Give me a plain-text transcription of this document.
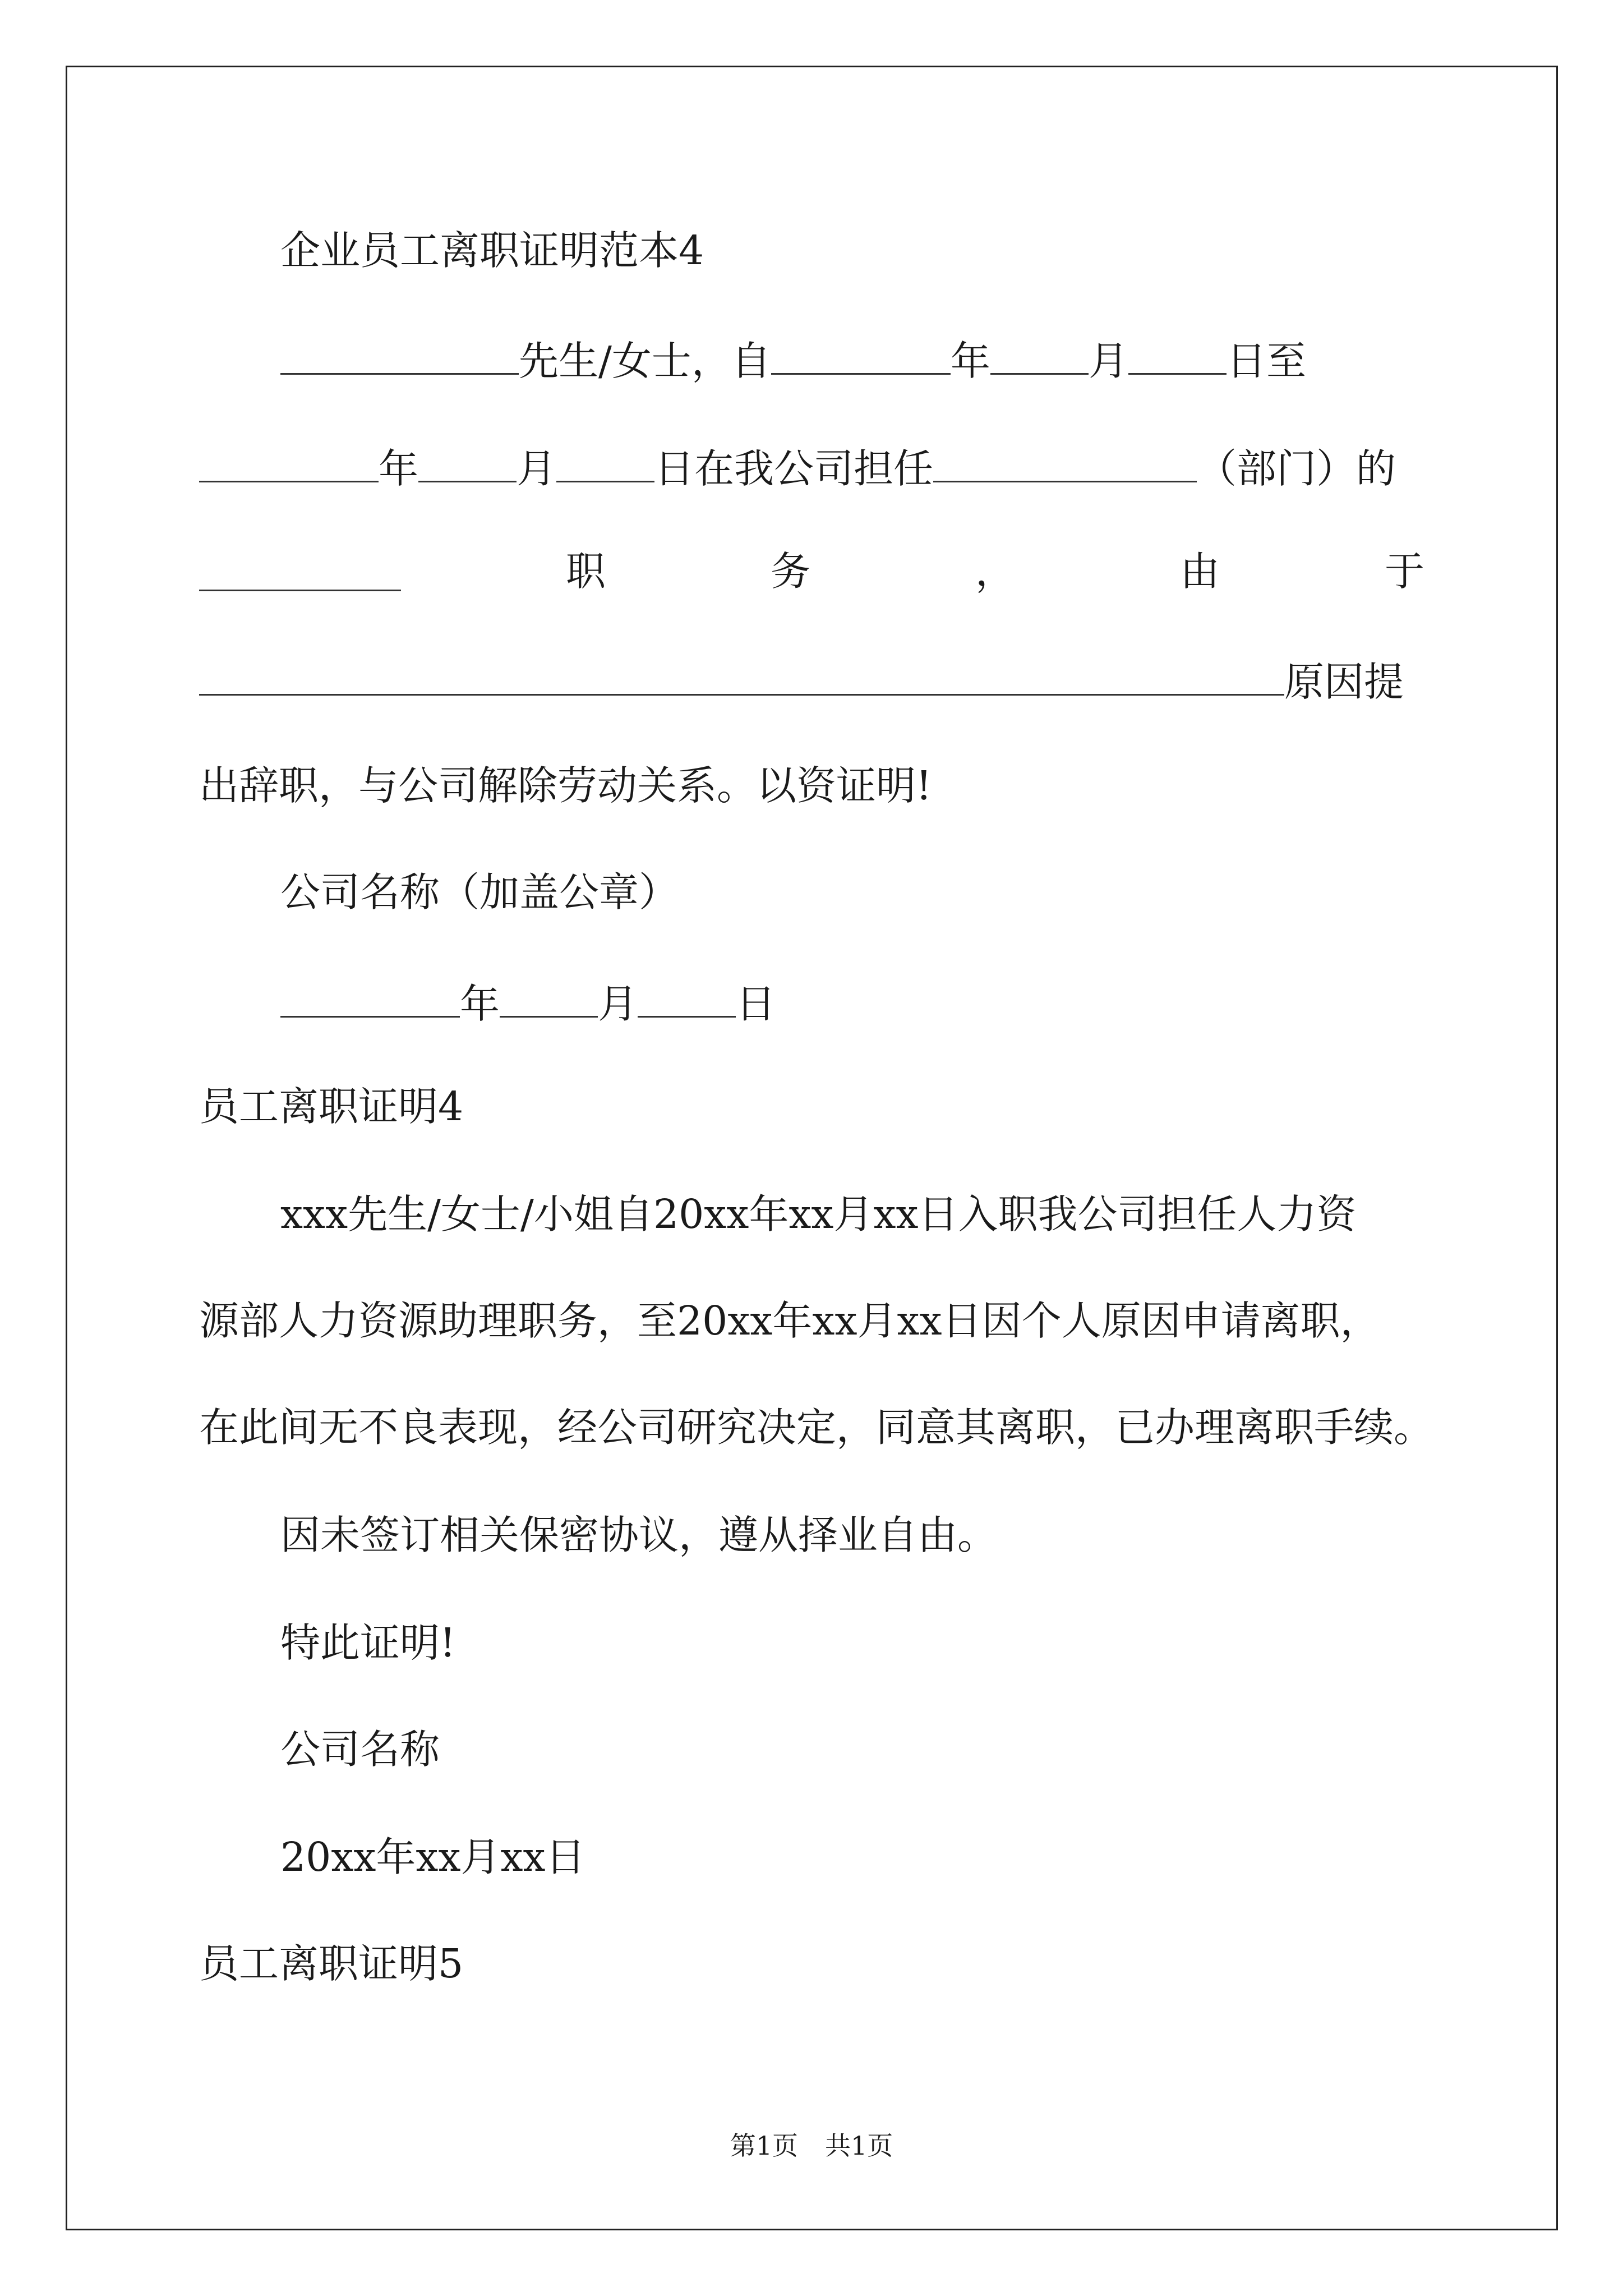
企业员工离职证明范本4
先生/女士，自	年 月 日至
年 月 日在我公司担任	（部门）的
职	务	，	由	于
原因提
出辞职，与公司解除劳动关系。以资证明!
公司名称（加盖公章）
年 月 日
员工离职证明4
xxx先生/女士/小姐自20xx年xx月xx日入职我公司担任人力资
源部人力资源助理职务，至20xx年xx月xx日因个人原因申请离职，
在此间无不良表现，经公司研究决定，同意其离职，已办理离职手续。
因未签订相关保密协议，遵从择业自由。
特此证明!
公司名称
20xx年xx月xx日
员工离职证明5
第1页 共1页
